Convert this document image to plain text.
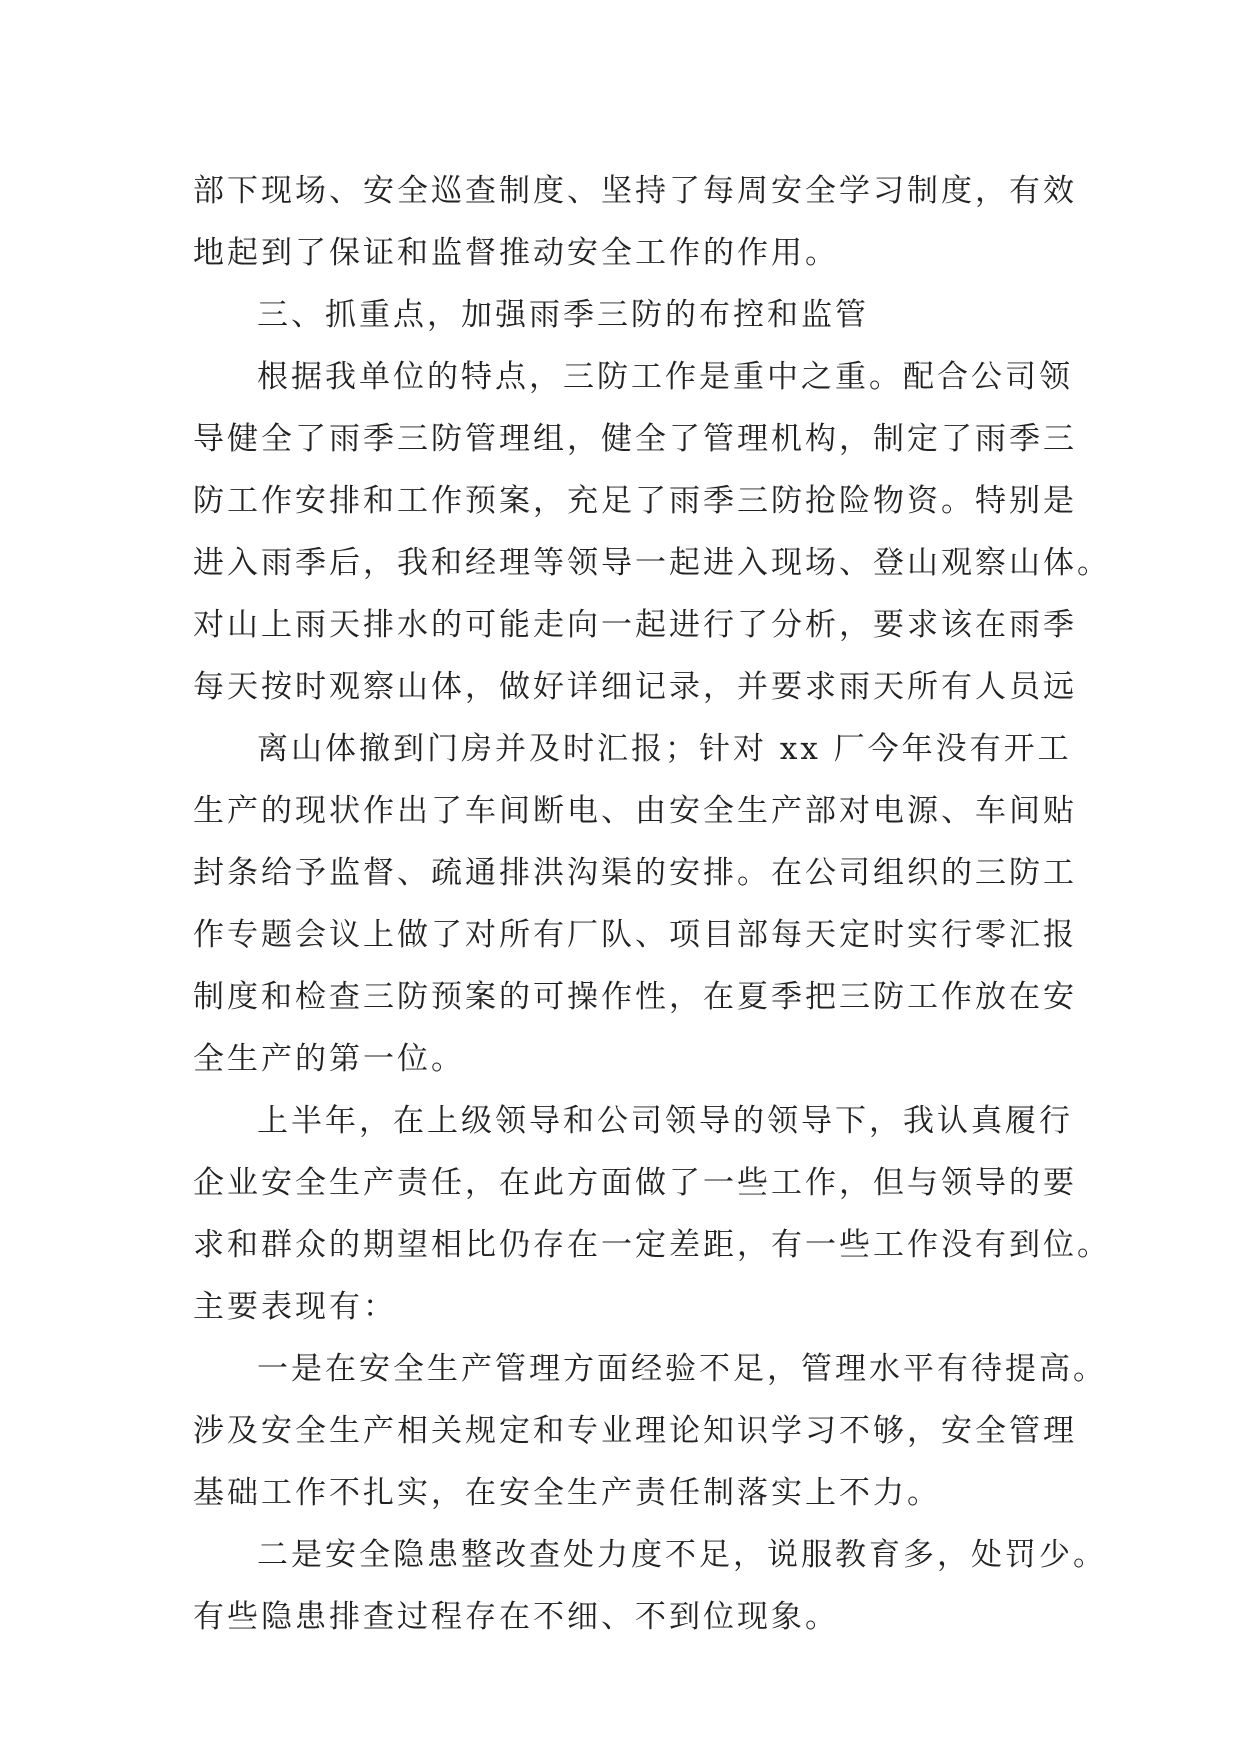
部下现场、安全巡查制度、坚持了每周安全学习制度，有效
地起到了保证和监督推动安全工作的作用。
三、抓重点，加强雨季三防的布控和监管
根据我单位的特点，三防工作是重中之重。配合公司领
导健全了雨季三防管理组，健全了管理机构，制定了雨季三
防工作安排和工作预案，充足了雨季三防抢险物资。特别是
进入雨季后，我和经理等领导一起进入现场、登山观察山体。
对山上雨天排水的可能走向一起进行了分析，要求该在雨季
每天按时观察山体，做好详细记录，并要求雨天所有人员远
离山体撤到门房并及时汇报；针对 xx 厂今年没有开工
生产的现状作出了车间断电、由安全生产部对电源、车间贴
封条给予监督、疏通排洪沟渠的安排。在公司组织的三防工
作专题会议上做了对所有厂队、项目部每天定时实行零汇报
制度和检查三防预案的可操作性，在夏季把三防工作放在安
全生产的第一位。
上半年，在上级领导和公司领导的领导下，我认真履行
企业安全生产责任，在此方面做了一些工作，但与领导的要
求和群众的期望相比仍存在一定差距，有一些工作没有到位。
主要表现有：
一是在安全生产管理方面经验不足，管理水平有待提高。
涉及安全生产相关规定和专业理论知识学习不够，安全管理
基础工作不扎实，在安全生产责任制落实上不力。
二是安全隐患整改查处力度不足，说服教育多，处罚少。
有些隐患排查过程存在不细、不到位现象。
